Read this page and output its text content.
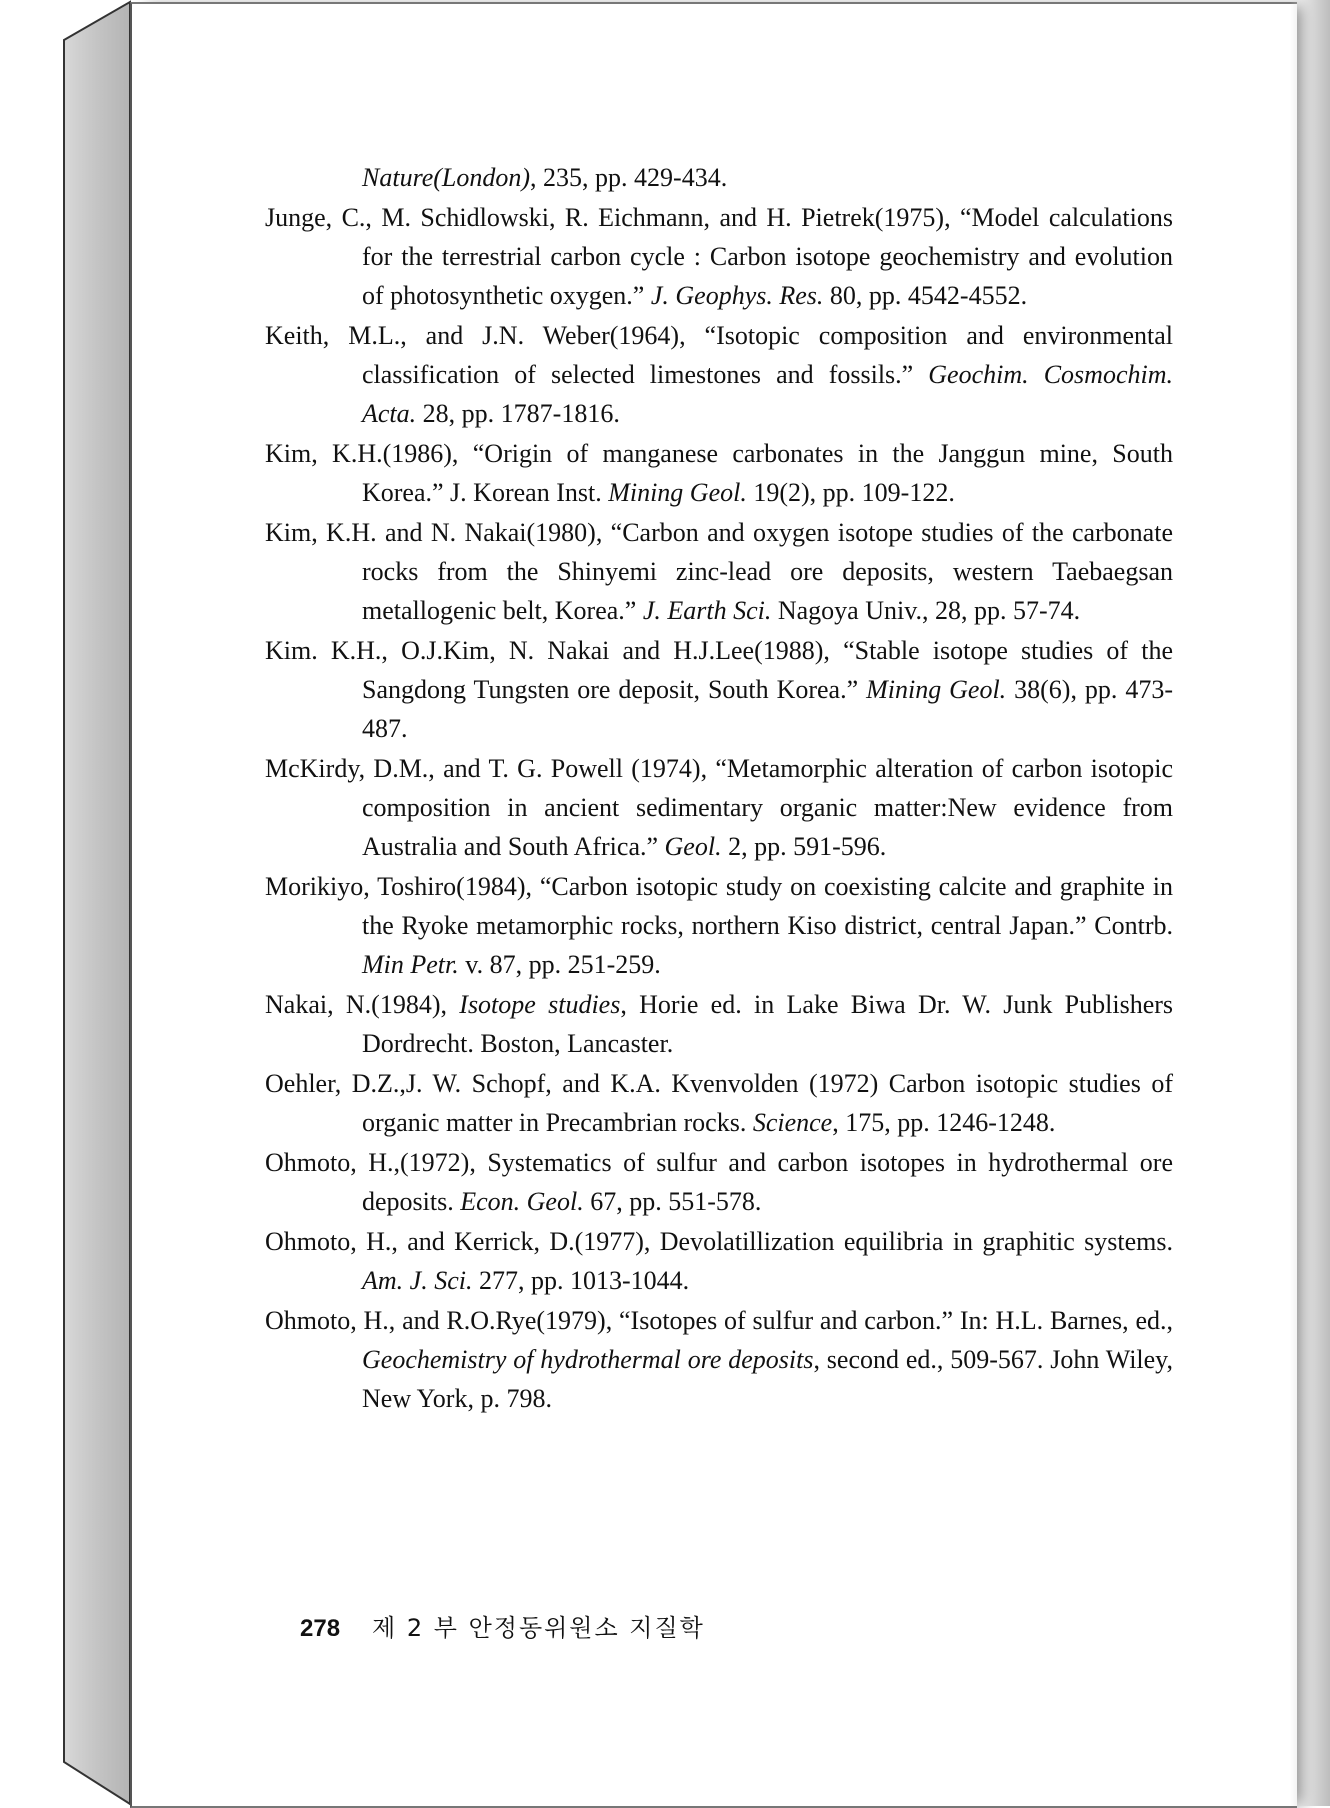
Nature(London), 235, pp. 429-434.

Junge, C., M. Schidlowski, R. Eichmann, and H. Pietrek(1975), “Model calculations for the terrestrial carbon cycle : Carbon isotope geochemistry and evolution of photosynthetic oxygen.” J. Geophys. Res. 80, pp. 4542-4552.

Keith, M.L., and J.N. Weber(1964), “Isotopic composition and environmental classification of selected limestones and fossils.” Geochim. Cosmochim. Acta. 28, pp. 1787-1816.

Kim, K.H.(1986), “Origin of manganese carbonates in the Janggun mine, South Korea.” J. Korean Inst. Mining Geol. 19(2), pp. 109-122.

Kim, K.H. and N. Nakai(1980), “Carbon and oxygen isotope studies of the carbonate rocks from the Shinyemi zinc-lead ore deposits, western Taebaegsan metallogenic belt, Korea.” J. Earth Sci. Nagoya Univ., 28, pp. 57-74.

Kim. K.H., O.J.Kim, N. Nakai and H.J.Lee(1988), “Stable isotope studies of the Sangdong Tungsten ore deposit, South Korea.” Mining Geol. 38(6), pp. 473-487.

McKirdy, D.M., and T. G. Powell (1974), “Metamorphic alteration of carbon isotopic composition in ancient sedimentary organic matter:New evidence from Australia and South Africa.” Geol. 2, pp. 591-596.

Morikiyo, Toshiro(1984), “Carbon isotopic study on coexisting calcite and graphite in the Ryoke metamorphic rocks, northern Kiso district, central Japan.” Contrb. Min Petr. v. 87, pp. 251-259.

Nakai, N.(1984), Isotope studies, Horie ed. in Lake Biwa Dr. W. Junk Publishers Dordrecht. Boston, Lancaster.

Oehler, D.Z.,J. W. Schopf, and K.A. Kvenvolden (1972) Carbon isotopic studies of organic matter in Precambrian rocks. Science, 175, pp. 1246-1248.

Ohmoto, H.,(1972), Systematics of sulfur and carbon isotopes in hydrothermal ore deposits. Econ. Geol. 67, pp. 551-578.

Ohmoto, H., and Kerrick, D.(1977), Devolatillization equilibria in graphitic systems. Am. J. Sci. 277, pp. 1013-1044.

Ohmoto, H., and R.O.Rye(1979), “Isotopes of sulfur and carbon.” In: H.L. Barnes, ed., Geochemistry of hydrothermal ore deposits, second ed., 509-567. John Wiley, New York, p. 798.

278 제 2 부 안정동위원소 지질학
